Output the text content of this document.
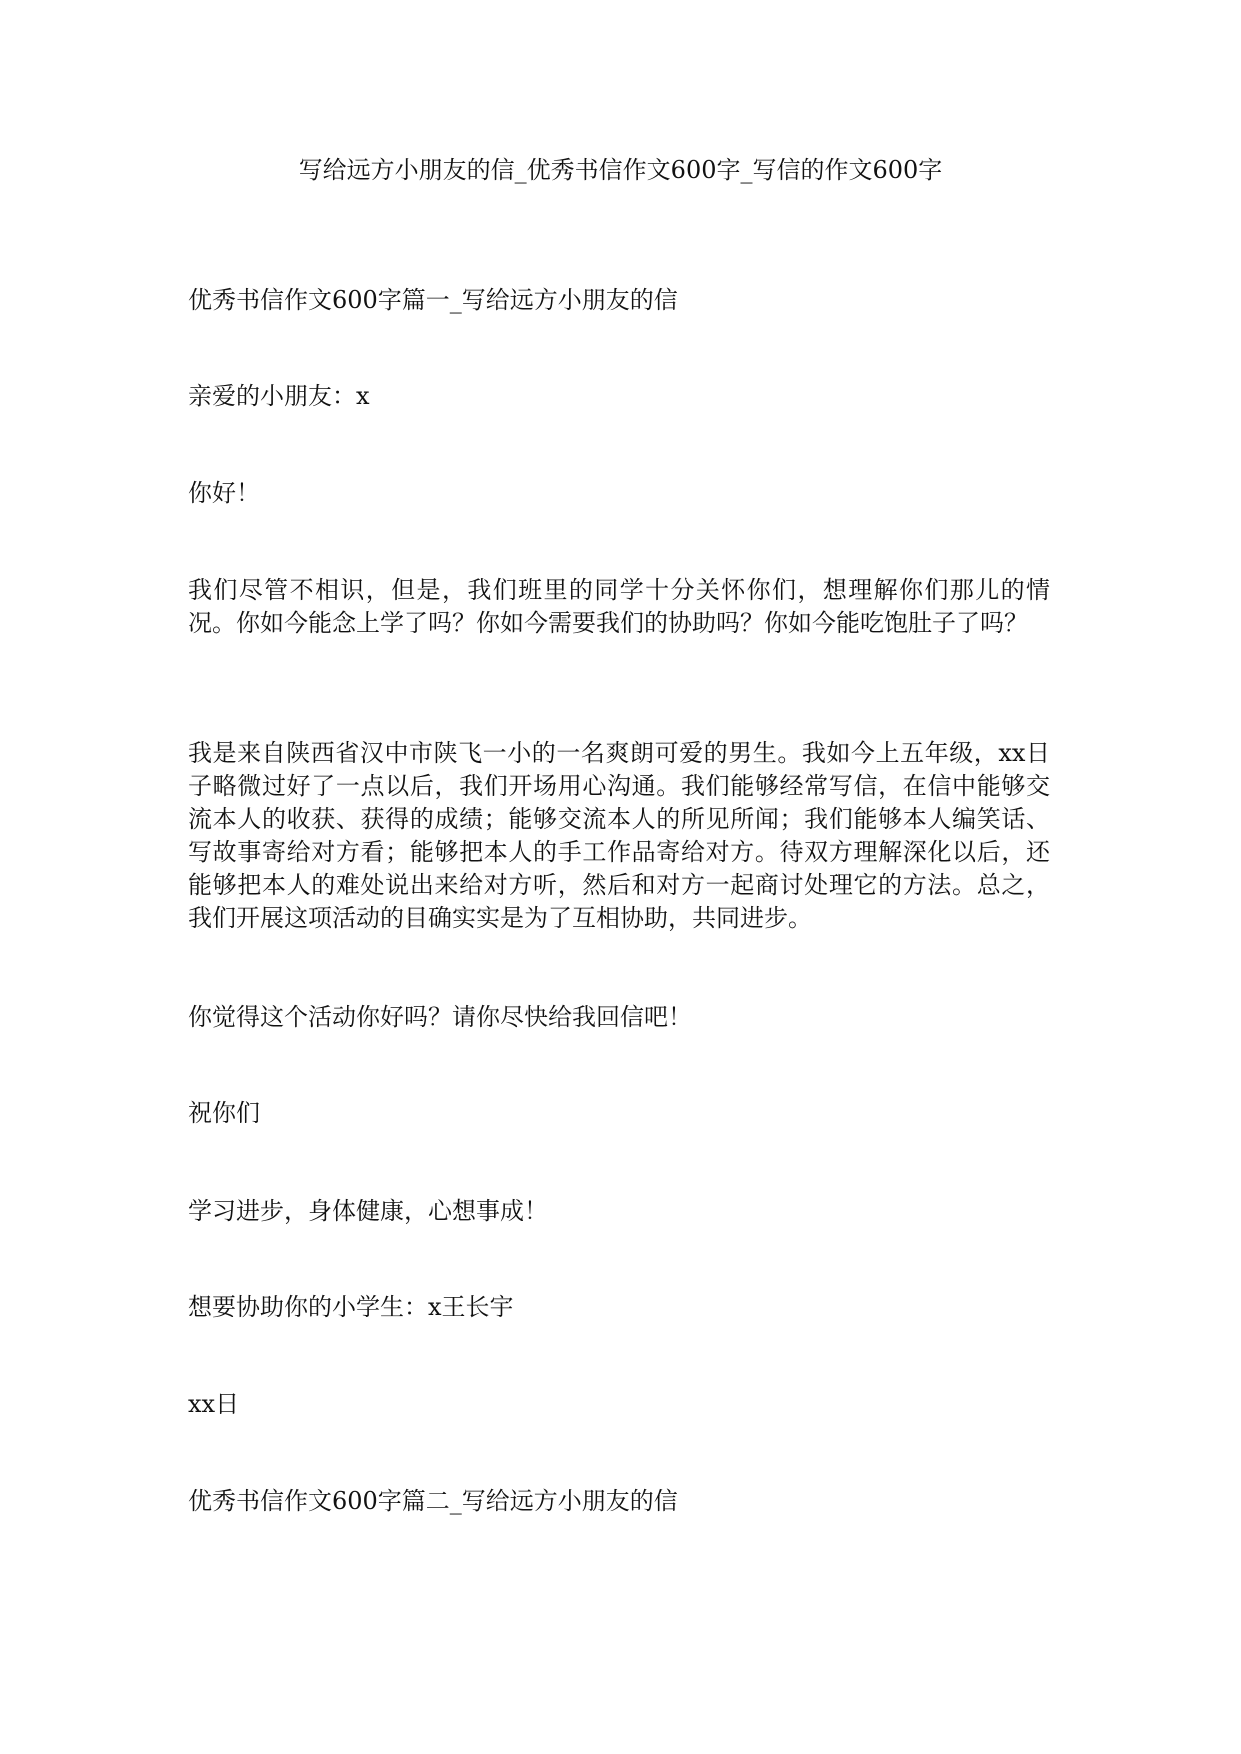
写给远方小朋友的信_优秀书信作文600字_写信的作文600字

优秀书信作文600字篇一_写给远方小朋友的信

亲爱的小朋友：x

你好！

我们尽管不相识，但是，我们班里的同学十分关怀你们，想理解你们那儿的情况。你如今能念上学了吗？你如今需要我们的协助吗？你如今能吃饱肚子了吗？

我是来自陕西省汉中市陕飞一小的一名爽朗可爱的男生。我如今上五年级，xx日子略微过好了一点以后，我们开场用心沟通。我们能够经常写信，在信中能够交流本人的收获、获得的成绩；能够交流本人的所见所闻；我们能够本人编笑话、写故事寄给对方看；能够把本人的手工作品寄给对方。待双方理解深化以后，还能够把本人的难处说出来给对方听，然后和对方一起商讨处理它的方法。总之，我们开展这项活动的目确实实是为了互相协助，共同进步。

你觉得这个活动你好吗？请你尽快给我回信吧！

祝你们

学习进步，身体健康，心想事成！

想要协助你的小学生：x王长宇

xx日

优秀书信作文600字篇二_写给远方小朋友的信
